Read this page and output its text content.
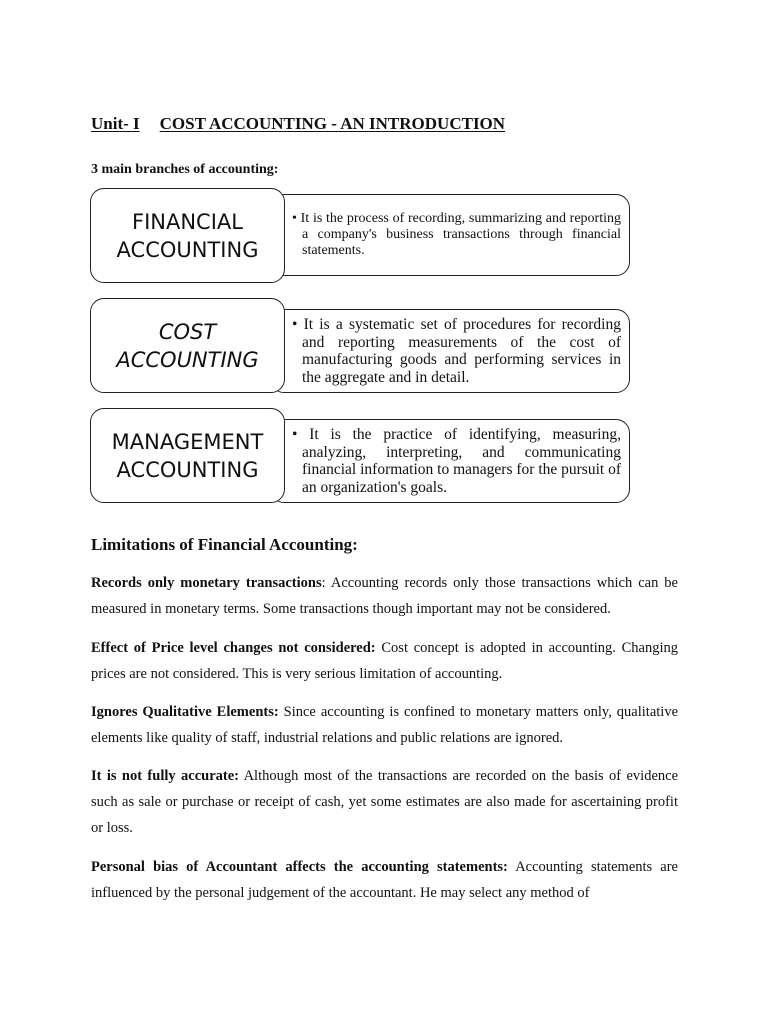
Unit- I COST ACCOUNTING - AN INTRODUCTION

3 main branches of accounting:

FINANCIAL
ACCOUNTING

• It is the process of recording, summarizing and reporting a company's business transactions through financial statements.

COST
ACCOUNTING

• It is a systematic set of procedures for recording and reporting measurements of the cost of manufacturing goods and performing services in the aggregate and in detail.

MANAGEMENT
ACCOUNTING

• It is the practice of identifying, measuring, analyzing, interpreting, and communicating financial information to managers for the pursuit of an organization's goals.

Limitations of Financial Accounting:

Records only monetary transactions: Accounting records only those transactions which can be measured in monetary terms. Some transactions though important may not be considered.

Effect of Price level changes not considered: Cost concept is adopted in accounting. Changing prices are not considered. This is very serious limitation of accounting.

Ignores Qualitative Elements: Since accounting is confined to monetary matters only, qualitative elements like quality of staff, industrial relations and public relations are ignored.

It is not fully accurate: Although most of the transactions are recorded on the basis of evidence such as sale or purchase or receipt of cash, yet some estimates are also made for ascertaining profit or loss.

Personal bias of Accountant affects the accounting statements: Accounting statements are influenced by the personal judgement of the accountant. He may select any method of
